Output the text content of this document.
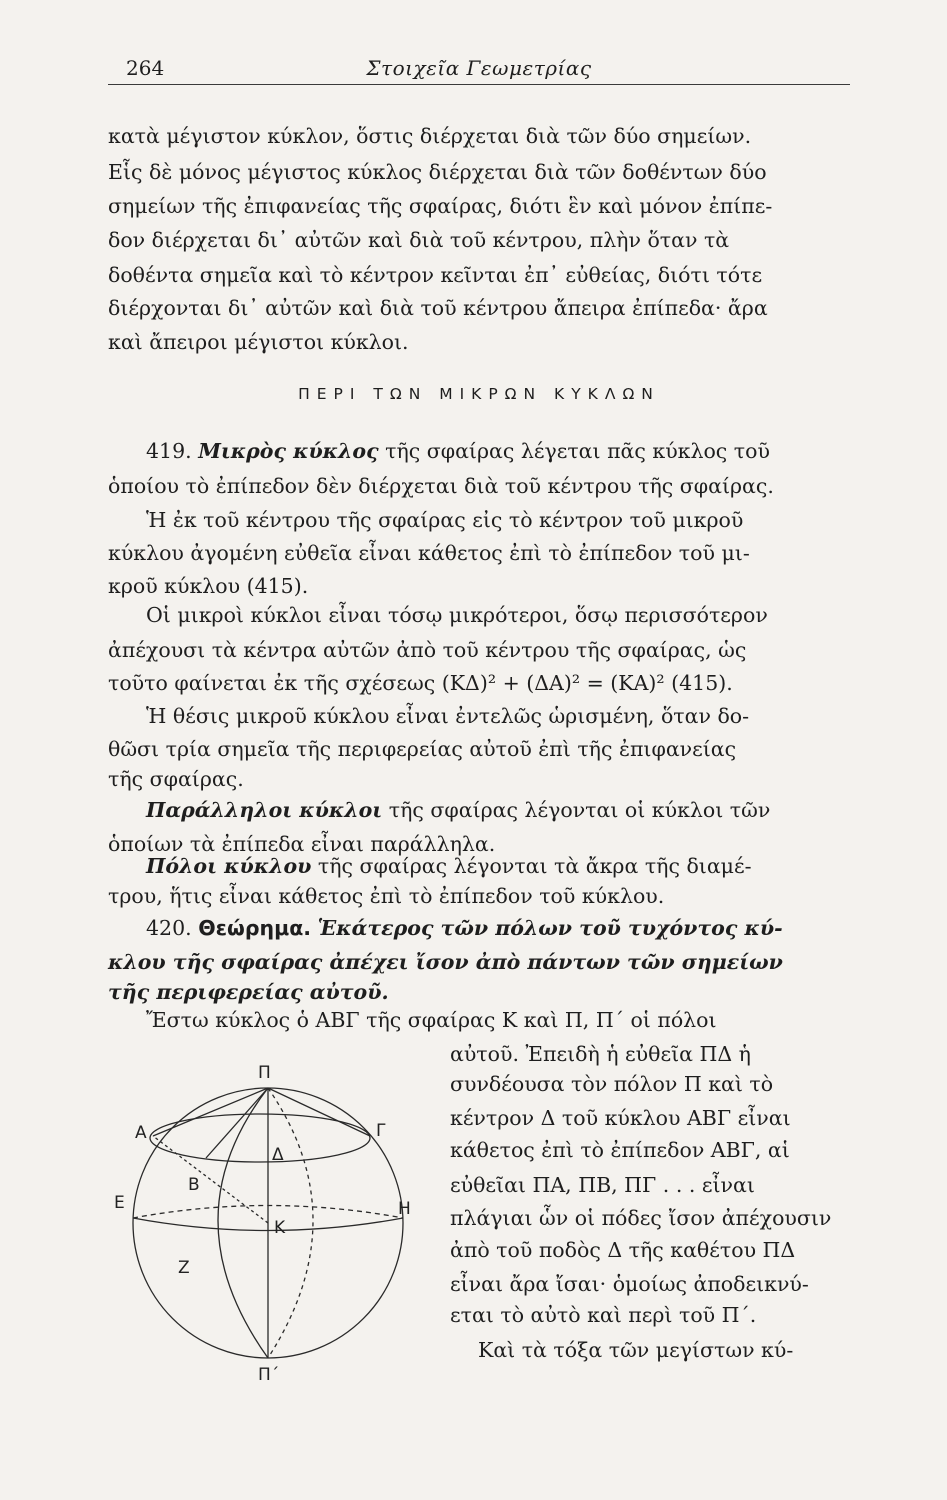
264	Στοιχεῖα Γεωμετρίας
κατὰ μέγιστον κύκλον, ὅστις διέρχεται διὰ τῶν δύο σημείων.
Εἷς δὲ μόνος μέγιστος κύκλος διέρχεται διὰ τῶν δοθέντων δύο
σημείων τῆς ἐπιφανείας τῆς σφαίρας, διότι ἓν καὶ μόνον ἐπίπε-
δον διέρχεται δι᾽ αὐτῶν καὶ διὰ τοῦ κέντρου, πλὴν ὅταν τὰ
δοθέντα σημεῖα καὶ τὸ κέντρον κεῖνται ἐπ᾽ εὐθείας, διότι τότε
διέρχονται δι᾽ αὐτῶν καὶ διὰ τοῦ κέντρου ἄπειρα ἐπίπεδα· ἄρα
καὶ ἄπειροι μέγιστοι κύκλοι.
ΠΕΡΙ ΤΩΝ ΜΙΚΡΩΝ ΚΥΚΛΩΝ
419. Μικρὸς κύκλος τῆς σφαίρας λέγεται πᾶς κύκλος τοῦ
ὁποίου τὸ ἐπίπεδον δὲν διέρχεται διὰ τοῦ κέντρου τῆς σφαίρας.
Ἡ ἐκ τοῦ κέντρου τῆς σφαίρας εἰς τὸ κέντρον τοῦ μικροῦ
κύκλου ἀγομένη εὐθεῖα εἶναι κάθετος ἐπὶ τὸ ἐπίπεδον τοῦ μι-
κροῦ κύκλου (415).
Οἱ μικροὶ κύκλοι εἶναι τόσῳ μικρότεροι, ὅσῳ περισσότερον
ἀπέχουσι τὰ κέντρα αὐτῶν ἀπὸ τοῦ κέντρου τῆς σφαίρας, ὡς
τοῦτο φαίνεται ἐκ τῆς σχέσεως (ΚΔ)² + (ΔΑ)² = (ΚΑ)² (415).
Ἡ θέσις μικροῦ κύκλου εἶναι ἐντελῶς ὡρισμένη, ὅταν δο-
θῶσι τρία σημεῖα τῆς περιφερείας αὐτοῦ ἐπὶ τῆς ἐπιφανείας
τῆς σφαίρας.
Παράλληλοι κύκλοι τῆς σφαίρας λέγονται οἱ κύκλοι τῶν
ὁποίων τὰ ἐπίπεδα εἶναι παράλληλα.
Πόλοι κύκλου τῆς σφαίρας λέγονται τὰ ἄκρα τῆς διαμέ-
τρου, ἥτις εἶναι κάθετος ἐπὶ τὸ ἐπίπεδον τοῦ κύκλου.
420. Θεώρημα. Ἑκάτερος τῶν πόλων τοῦ τυχόντος κύ-
κλου τῆς σφαίρας ἀπέχει ἴσον ἀπὸ πάντων τῶν σημείων
τῆς περιφερείας αὐτοῦ.
Ἔστω κύκλος ὁ ΑΒΓ τῆς σφαίρας Κ καὶ Π, Π΄ οἱ πόλοι
αὐτοῦ. Ἐπειδὴ ἡ εὐθεῖα ΠΔ ἡ
συνδέουσα τὸν πόλον Π καὶ τὸ
κέντρον Δ τοῦ κύκλου ΑΒΓ εἶναι
κάθετος ἐπὶ τὸ ἐπίπεδον ΑΒΓ, αἱ
εὐθεῖαι ΠΑ, ΠΒ, ΠΓ . . . εἶναι
πλάγιαι ὧν οἱ πόδες ἴσον ἀπέχουσιν
ἀπὸ τοῦ ποδὸς Δ τῆς καθέτου ΠΔ
εἶναι ἄρα ἴσαι· ὁμοίως ἀποδεικνύ-
εται τὸ αὐτὸ καὶ περὶ τοῦ Π΄.
Καὶ τὰ τόξα τῶν μεγίστων κύ-
Π
Π΄
Α	Γ
Δ
Β
Ε	Η
Κ
Ζ
